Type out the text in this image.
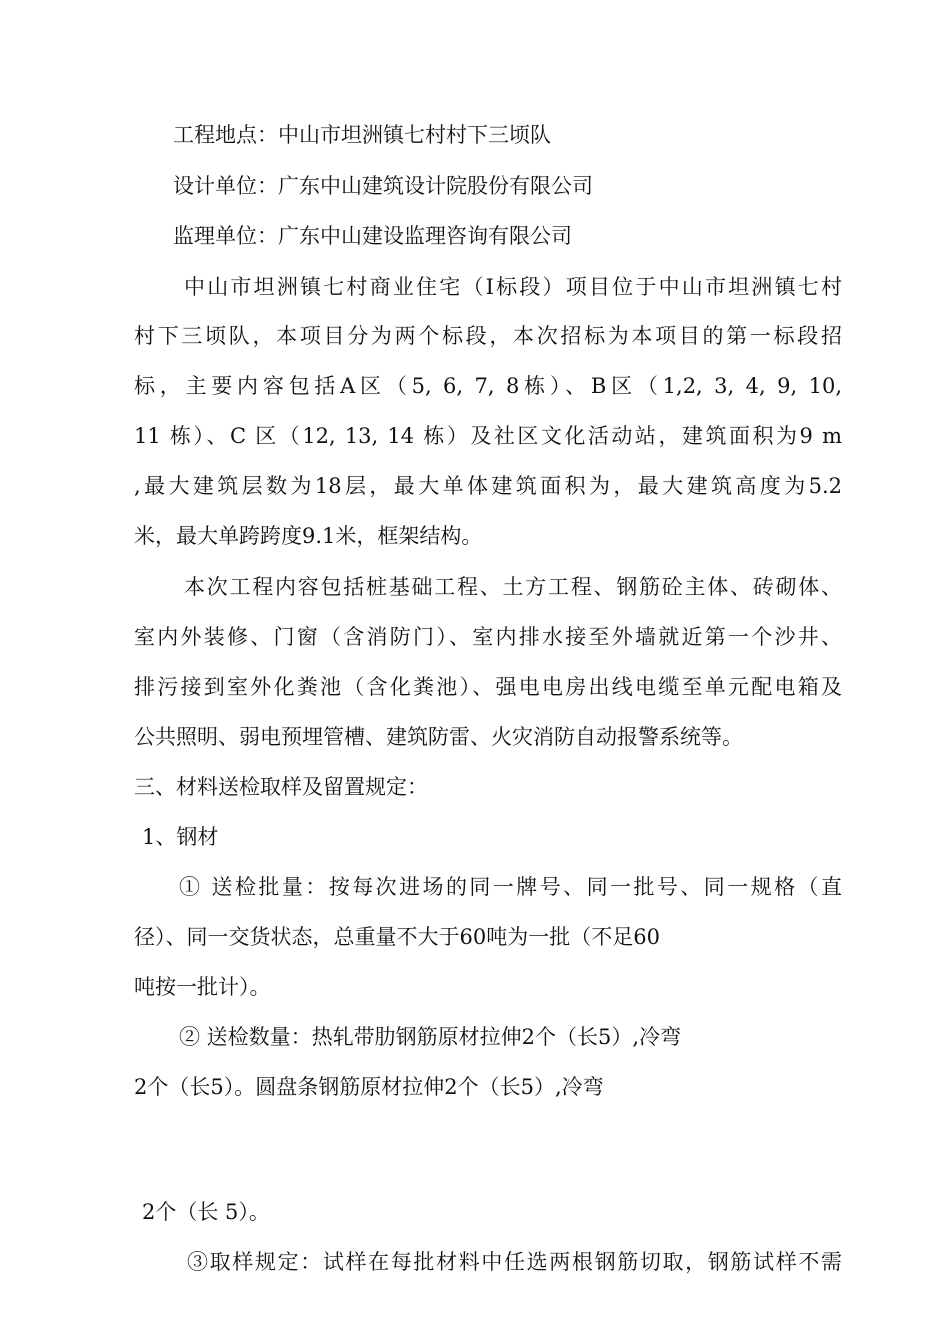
工程地点：中山市坦洲镇七村村下三顷队

设计单位：广东中山建筑设计院股份有限公司

监理单位：广东中山建设监理咨询有限公司

中山市坦洲镇七村商业住宅（I标段）项目位于中山市坦洲镇七村

村下三顷队，本项目分为两个标段，本次招标为本项目的第一标段招

标，主要内容包括A区（5, 6, 7, 8栋）、B区（1,2, 3, 4, 9, 10,

11 栋）、C 区（12, 13, 14 栋）及社区文化活动站，建筑面积为9 m

,最大建筑层数为18层，最大单体建筑面积为，最大建筑高度为5.2

米，最大单跨跨度9.1米，框架结构。

本次工程内容包括桩基础工程、土方工程、钢筋砼主体、砖砌体、

室内外装修、门窗（含消防门）、室内排水接至外墙就近第一个沙井、

排污接到室外化粪池（含化粪池）、强电电房出线电缆至单元配电箱及

公共照明、弱电预埋管槽、建筑防雷、火灾消防自动报警系统等。

三、材料送检取样及留置规定：

1、钢材

① 送检批量：按每次进场的同一牌号、同一批号、同一规格（直

径）、同一交货状态，总重量不大于60吨为一批（不足60

吨按一批计）。

② 送检数量：热轧带肋钢筋原材拉伸2个（长5）,冷弯

2个（长5）。圆盘条钢筋原材拉伸2个（长5）,冷弯

2个（长 5）。

③取样规定：试样在每批材料中任选两根钢筋切取，钢筋试样不需
